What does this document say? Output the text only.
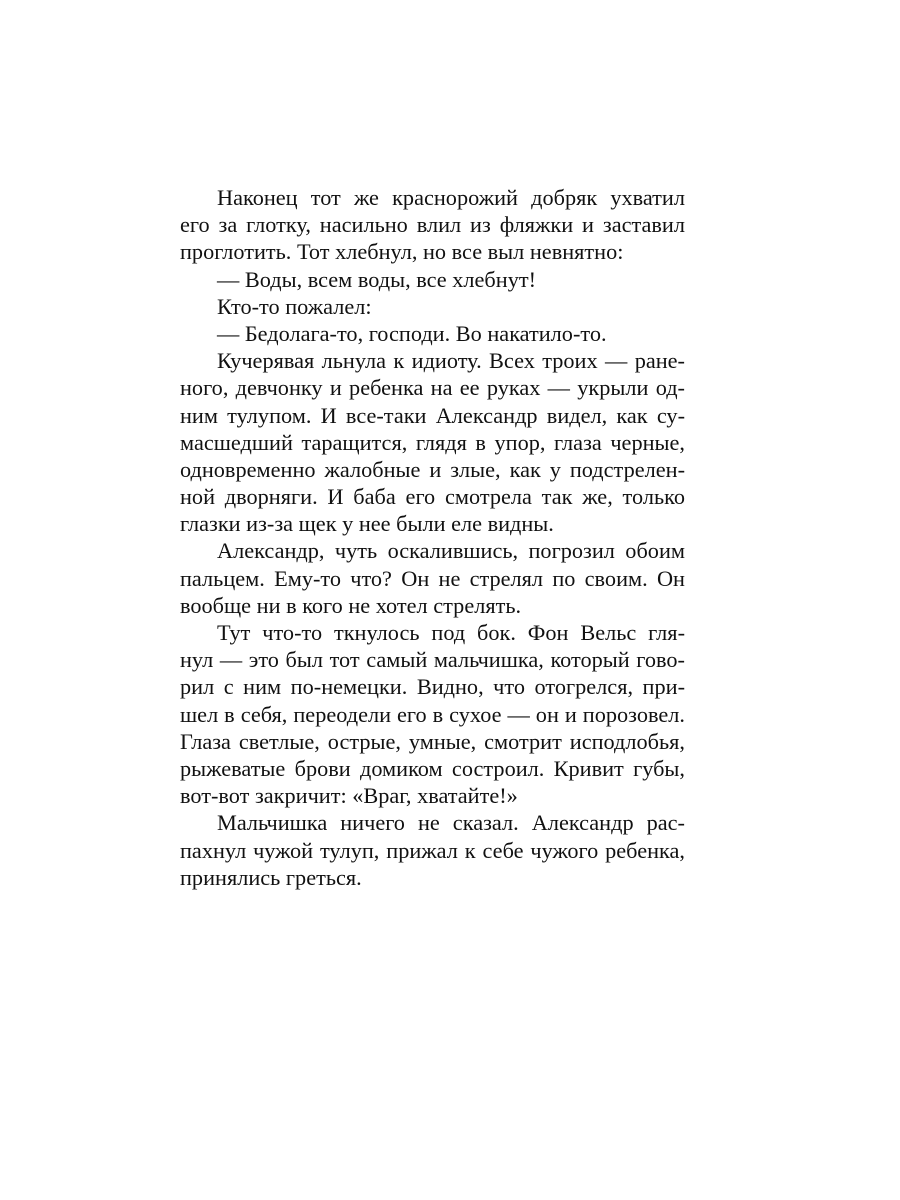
Наконец тот же краснорожий добряк ухватил
его за глотку, насильно влил из фляжки и заставил
проглотить. Тот хлебнул, но все выл невнятно:
— Воды, всем воды, все хлебнут!
Кто-то пожалел:
— Бедолага-то, господи. Во накатило-то.
Кучерявая льнула к идиоту. Всех троих — ране-
ного, девчонку и ребенка на ее руках — укрыли од-
ним тулупом. И все-таки Александр видел, как су-
масшедший таращится, глядя в упор, глаза черные,
одновременно жалобные и злые, как у подстрелен-
ной дворняги. И баба его смотрела так же, только
глазки из-за щек у нее были еле видны.
Александр, чуть оскалившись, погрозил обоим
пальцем. Ему-то что? Он не стрелял по своим. Он
вообще ни в кого не хотел стрелять.
Тут что-то ткнулось под бок. Фон Вельс гля-
нул — это был тот самый мальчишка, который гово-
рил с ним по-немецки. Видно, что отогрелся, при-
шел в себя, переодели его в сухое — он и порозовел.
Глаза светлые, острые, умные, смотрит исподлобья,
рыжеватые брови домиком состроил. Кривит губы,
вот-вот закричит: «Враг, хватайте!»
Мальчишка ничего не сказал. Александр рас-
пахнул чужой тулуп, прижал к себе чужого ребенка,
принялись греться.
